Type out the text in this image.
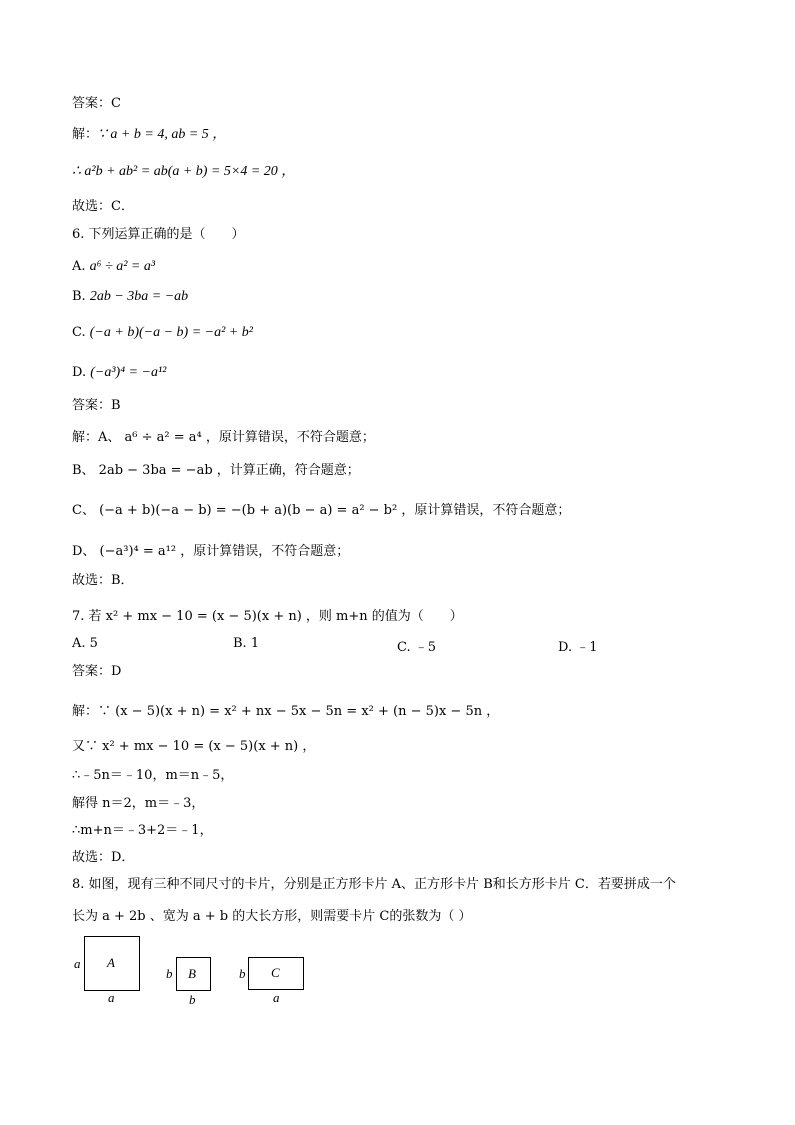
答案：C
解：∵ a + b = 4, ab = 5 ，
∴ a²b + ab² = ab(a + b) = 5×4 = 20 ，
故选：C．
6. 下列运算正确的是（　　）
A. a⁶ ÷ a² = a³
B. 2ab − 3ba = −ab
C. (−a + b)(−a − b) = −a² + b²
D. (−a³)⁴ = −a¹²
答案：B
解：A、 a⁶ ÷ a² = a⁴ ，原计算错误，不符合题意；
B、 2ab − 3ba = −ab ，计算正确，符合题意；
C、 (−a + b)(−a − b) = −(b + a)(b − a) = a² − b² ，原计算错误，不符合题意；
D、 (−a³)⁴ = a¹² ，原计算错误，不符合题意；
故选：B．
7. 若 x² + mx − 10 = (x − 5)(x + n) ，则 m+n 的值为（　　）
A. 5	B. 1	C. ﹣5	D. ﹣1
答案：D
解：∵ (x − 5)(x + n) = x² + nx − 5x − 5n = x² + (n − 5)x − 5n ，
又∵ x² + mx − 10 = (x − 5)(x + n) ，
∴﹣5n＝﹣10，m＝n﹣5，
解得 n＝2，m＝﹣3，
∴m+n＝﹣3+2＝﹣1，
故选：D．
8. 如图，现有三种不同尺寸的卡片，分别是正方形卡片 A、正方形卡片 B和长方形卡片 C．若要拼成一个
长为 a + 2b 、宽为 a + b 的大长方形，则需要卡片 C的张数为（ ）
A
a
a
B
b
b
C
b
a
